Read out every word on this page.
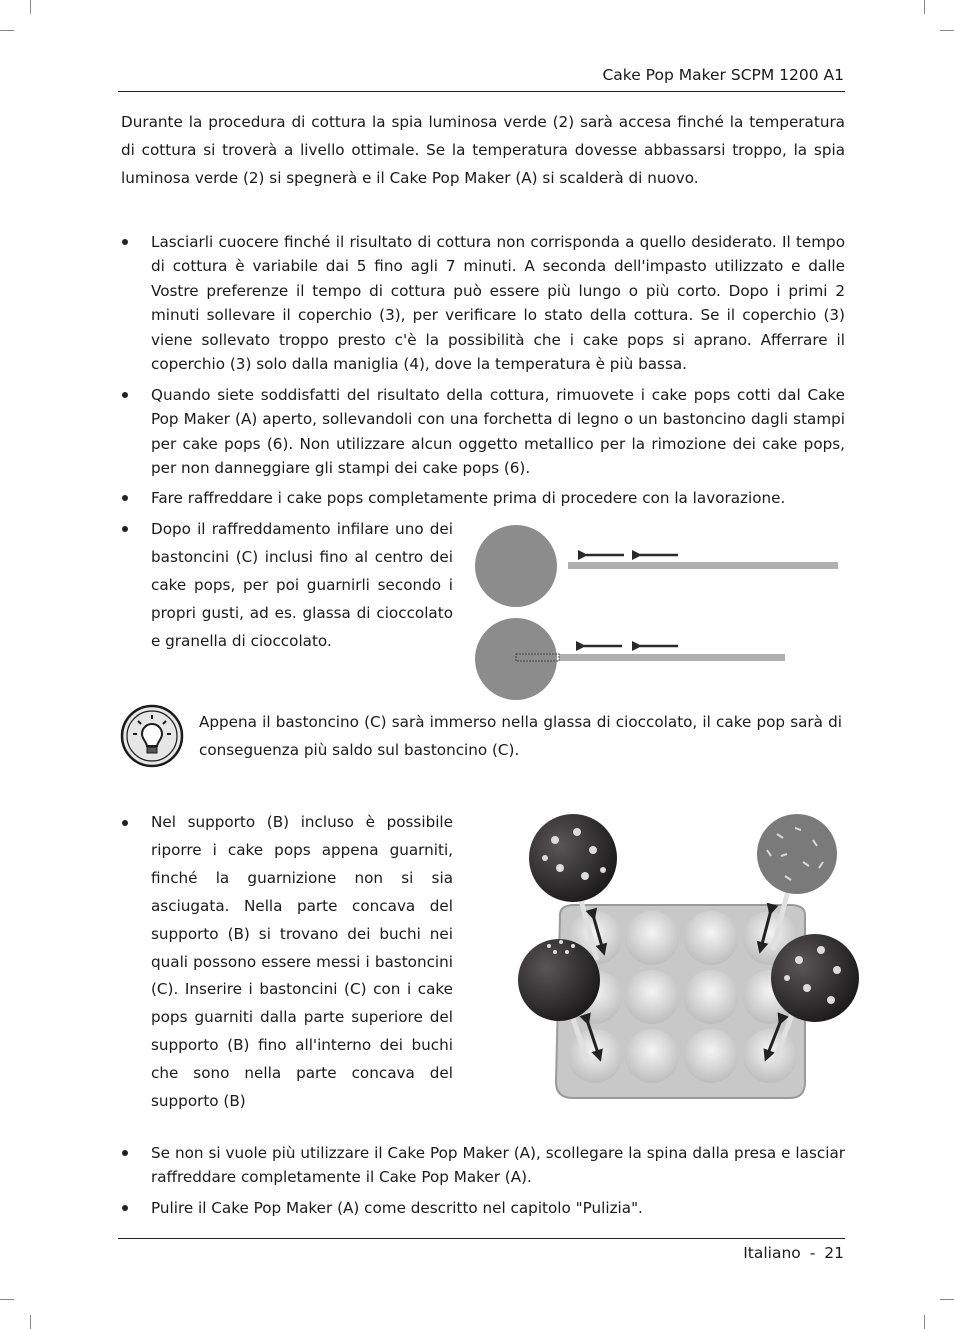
Cake Pop Maker SCPM 1200 A1

Durante la procedura di cottura la spia luminosa verde (2) sarà accesa finché la temperatura di cottura si troverà a livello ottimale. Se la temperatura dovesse abbassarsi troppo, la spia luminosa verde (2) si spegnerà e il Cake Pop Maker (A) si scalderà di nuovo.

Lasciarli cuocere finché il risultato di cottura non corrisponda a quello desiderato. Il tempo di cottura è variabile dai 5 fino agli 7 minuti. A seconda dell'impasto utilizzato e dalle Vostre preferenze il tempo di cottura può essere più lungo o più corto. Dopo i primi 2 minuti sollevare il coperchio (3), per verificare lo stato della cottura. Se il coperchio (3) viene sollevato troppo presto c'è la possibilità che i cake pops si aprano. Afferrare il coperchio (3) solo dalla maniglia (4), dove la temperatura è più bassa.

Quando siete soddisfatti del risultato della cottura, rimuovete i cake pops cotti dal Cake Pop Maker (A) aperto, sollevandoli con una forchetta di legno o un bastoncino dagli stampi per cake pops (6). Non utilizzare alcun oggetto metallico per la rimozione dei cake pops, per non danneggiare gli stampi dei cake pops (6).

Fare raffreddare i cake pops completamente prima di procedere con la lavorazione.

Dopo il raffreddamento infilare uno dei bastoncini (C) inclusi fino al centro dei cake pops, per poi guarnirli secondo i propri gusti, ad es. glassa di cioccolato e granella di cioccolato.

Appena il bastoncino (C) sarà immerso nella glassa di cioccolato, il cake pop sarà di conseguenza più saldo sul bastoncino (C).

Nel supporto (B) incluso è possibile riporre i cake pops appena guarniti, finché la guarnizione non si sia asciugata. Nella parte concava del supporto (B) si trovano dei buchi nei quali possono essere messi i bastoncini (C). Inserire i bastoncini (C) con i cake pops guarniti dalla parte superiore del supporto (B) fino all'interno dei buchi che sono nella parte concava del supporto (B)

Se non si vuole più utilizzare il Cake Pop Maker (A), scollegare la spina dalla presa e lasciar raffreddare completamente il Cake Pop Maker (A).

Pulire il Cake Pop Maker (A) come descritto nel capitolo "Pulizia".

Italiano - 21
